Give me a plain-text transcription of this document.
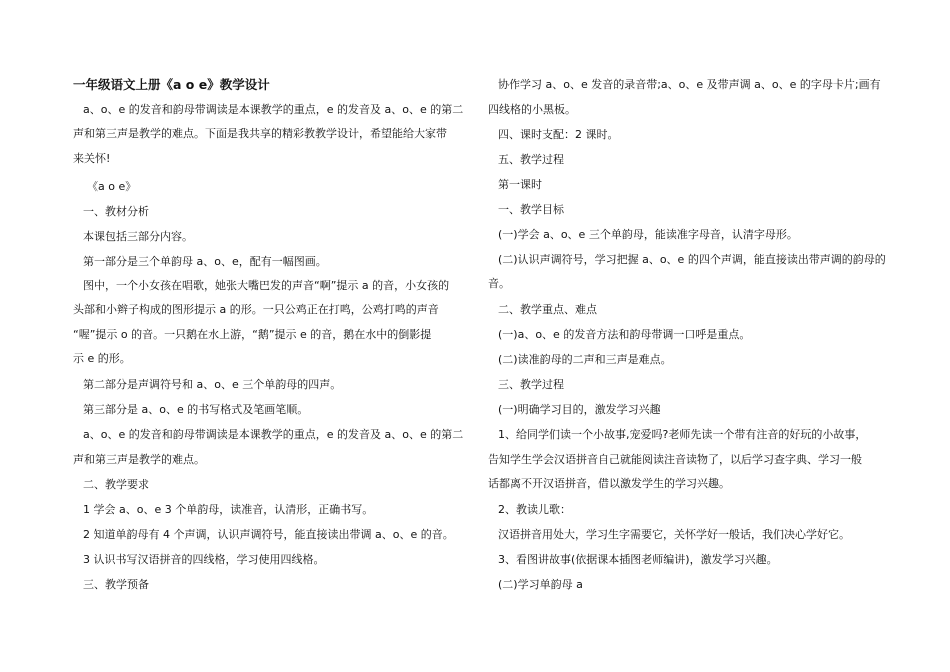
一年级语文上册《a o e》教学设计
a、o、e 的发音和韵母带调读是本课教学的重点，e 的发音及 a、o、e 的第二
声和第三声是教学的难点。下面是我共享的精彩教教学设计，希望能给大家带
来关怀!
《a o e》
一、教材分析
本课包括三部分内容。
第一部分是三个单韵母 a、o、e，配有一幅图画。
图中，一个小女孩在唱歌，她张大嘴巴发的声音“啊”提示 a 的音，小女孩的
头部和小辫子构成的图形提示 a 的形。一只公鸡正在打鸣，公鸡打鸣的声音
“喔”提示 o 的音。一只鹅在水上游，“鹅”提示 e 的音，鹅在水中的倒影提
示 e 的形。
第二部分是声调符号和 a、o、e 三个单韵母的四声。
第三部分是 a、o、e 的书写格式及笔画笔顺。
a、o、e 的发音和韵母带调读是本课教学的重点，e 的发音及 a、o、e 的第二
声和第三声是教学的难点。
二、教学要求
1 学会 a、o、e 3 个单韵母，读准音，认清形，正确书写。
2 知道单韵母有 4 个声调，认识声调符号，能直接读出带调 a、o、e 的音。
3 认识书写汉语拼音的四线格，学习使用四线格。
三、教学预备
协作学习 a、o、e 发音的录音带;a、o、e 及带声调 a、o、e 的字母卡片;画有
四线格的小黑板。
四、课时支配：2 课时。
五、教学过程
第一课时
一、教学目标
(一)学会 a、o、e 三个单韵母，能读准字母音，认清字母形。
(二)认识声调符号，学习把握 a、o、e 的四个声调，能直接读出带声调的韵母的
音。
二、教学重点、难点
(一)a、o、e 的发音方法和韵母带调一口呼是重点。
(二)读准韵母的二声和三声是难点。
三、教学过程
(一)明确学习目的，激发学习兴趣
1、给同学们读一个小故事,宠爱吗?老师先读一个带有注音的好玩的小故事，
告知学生学会汉语拼音自己就能阅读注音读物了，以后学习查字典、学习一般
话都离不开汉语拼音，借以激发学生的学习兴趣。
2、教读儿歌：
汉语拼音用处大，学习生字需要它，关怀学好一般话，我们决心学好它。
3、看图讲故事(依据课本插图老师编讲)，激发学习兴趣。
(二)学习单韵母 a
